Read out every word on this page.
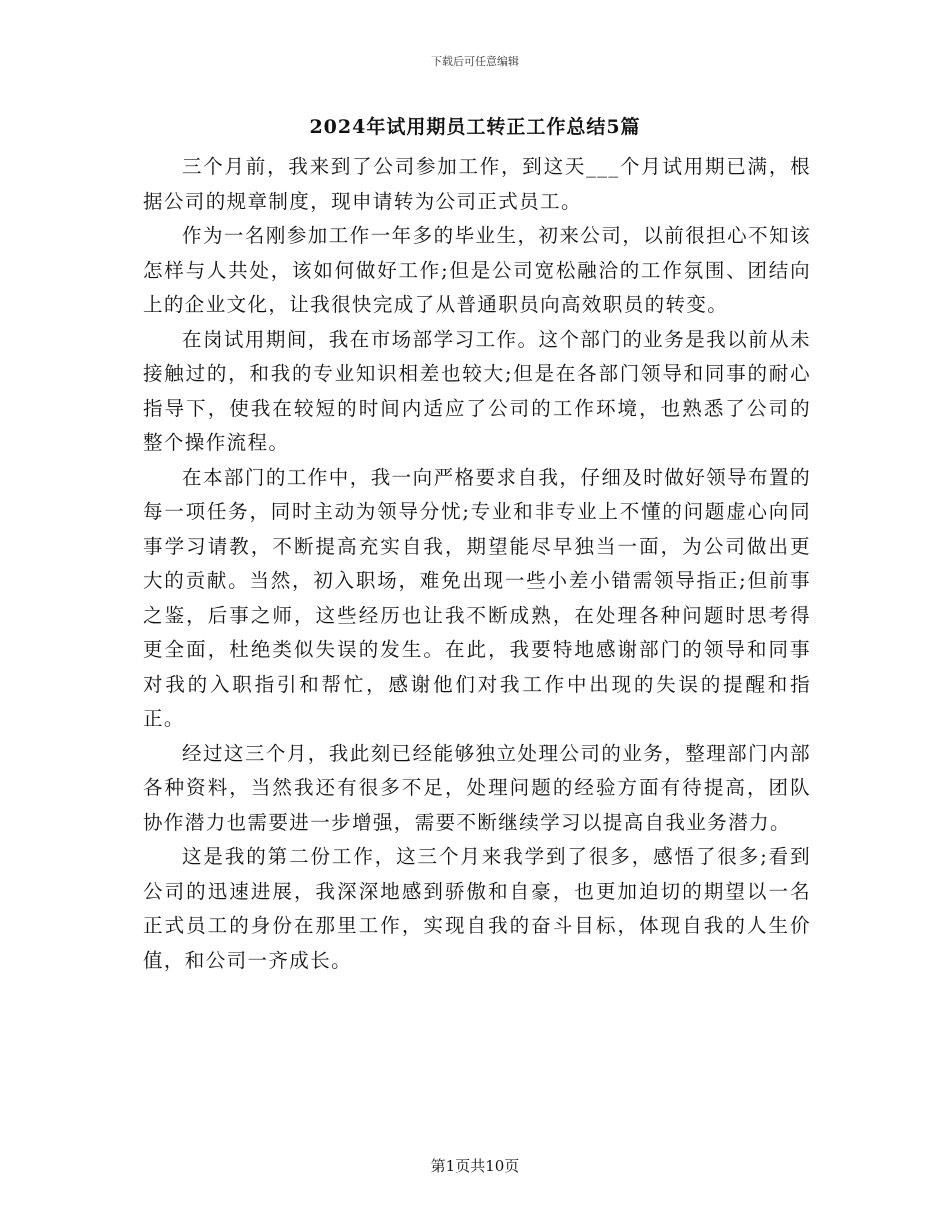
下载后可任意编辑
2024年试用期员工转正工作总结5篇

三个月前，我来到了公司参加工作，到这天___个月试用期已满，根据公司的规章制度，现申请转为公司正式员工。

作为一名刚参加工作一年多的毕业生，初来公司，以前很担心不知该怎样与人共处，该如何做好工作;但是公司宽松融洽的工作氛围、团结向上的企业文化，让我很快完成了从普通职员向高效职员的转变。

在岗试用期间，我在市场部学习工作。这个部门的业务是我以前从未接触过的，和我的专业知识相差也较大;但是在各部门领导和同事的耐心指导下，使我在较短的时间内适应了公司的工作环境，也熟悉了公司的整个操作流程。

在本部门的工作中，我一向严格要求自我，仔细及时做好领导布置的每一项任务，同时主动为领导分忧;专业和非专业上不懂的问题虚心向同事学习请教，不断提高充实自我，期望能尽早独当一面，为公司做出更大的贡献。当然，初入职场，难免出现一些小差小错需领导指正;但前事之鉴，后事之师，这些经历也让我不断成熟，在处理各种问题时思考得更全面，杜绝类似失误的发生。在此，我要特地感谢部门的领导和同事对我的入职指引和帮忙，感谢他们对我工作中出现的失误的提醒和指正。

经过这三个月，我此刻已经能够独立处理公司的业务，整理部门内部各种资料，当然我还有很多不足，处理问题的经验方面有待提高，团队协作潜力也需要进一步增强，需要不断继续学习以提高自我业务潜力。

这是我的第二份工作，这三个月来我学到了很多，感悟了很多;看到公司的迅速进展，我深深地感到骄傲和自豪，也更加迫切的期望以一名正式员工的身份在那里工作，实现自我的奋斗目标，体现自我的人生价值，和公司一齐成长。

第1页共10页
